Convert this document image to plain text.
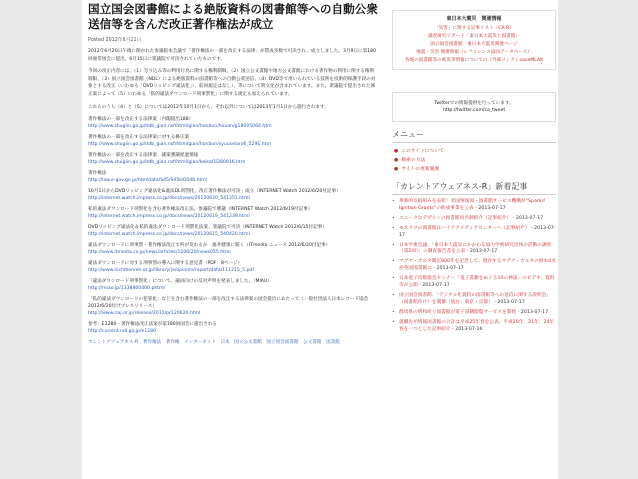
国立国会図書館による絶版資料の図書館等への自動公衆送信等を含んだ改正著作権法が成立
Posted 2012年6月21日

2012年6月20日午後に開かれた参議院本会議で「著作権法の一部を改正する法律」が賛成多数で可決され、成立しました。3月9日に第180回通常国会に提出、6月15日に衆議院で可決されていたものです。

今回の改正内容には、（1）写り込み等の利用行為に関する権利制限、（2）国立公文書館や地方公文書館における著作物の利用に関する権利制限、（3）国立国会図書館（NDL）による絶版資料の図書館等への自動公衆送信、（4）DVD等で用いられている技術を技術的保護手段の対象とする改正（いわゆる「DVDリッピング違法化」）、前回規定はなし）、等について明文化が含まれています。また、衆議院で提出された修正案によって（5）いわゆる「私的違法ダウンロード刑事罰化」に関する規定も加えられています。

これらのうち（4）と（5）については2012年10月1日から、それ以外については2013年1月1日から施行されます。

著作権法の一部を改正する法律案（内閣提出188）
http://www.shugiin.go.jp/itdb_gian.nsf/html/gian/honbun/houan/g18005064.htm
著作権法の一部を改正する法律案に対する修正案
http://www.shugiin.go.jp/itdb_gian.nsf/html/gian/honbun/syuuseian/6_529E.htm
著作権法の一部を改正する法律案：議案審議経過情報
http://www.shugiin.go.jp/itdb_gian.nsf/html/gian/keika/1DB0916.htm
著作権法
http://law.e-gov.go.jp/htmldata/S45/S45HO048.html
10月1日からDVDリッピング違法化&違法DL刑罰化、改正著作権法が可決・成立（INTERNET Watch 2012/6/20付記事）
http://internet.watch.impress.co.jp/docs/news/20120620_541251.html
私的違法ダウンロード刑罰化を含む著作権法改正法、参議院で審議（INTERNET Watch 2012/6/19付記事）
http://internet.watch.impress.co.jp/docs/news/20120619_541239.html
DVDリッピング違法化＆私的違法ダウンロード刑罰化法案、衆議院で可決（INTERNET Watch 2012/6/15付記事）
http://internet.watch.impress.co.jp/docs/news/20120615_540420.html
違法ダウンロードに刑事罰・著作権法改正で何が変わるか　福井健策に聞く（ITmedia ニュース 2012/6/20付記事）
http://www.itmedia.co.jp/news/articles/1206/20/news055.html
違法ダウンロードに対する刑事罰の導入に関する意見書（PDF：8ページ）
http://www.nichibenren.or.jp/library/ja/opinion/report/data/111215_5.pdf
「違法ダウンロード刑事罰化」について、議員向けの反対声明を発表しました。（MIAU）
http://miau.jp/1338800400.phtml
「私的違法ダウンロードの犯罪化」などを含む著作権法の一部を改正する法律案の国会提出にあたって（一般社団法人日本レコード協会 2012/6/20付けプレスリリース）
http://www.riaj.or.jp/release/2012/pr120620.html
参考：E1280 - 著作権法改正法案が第180回国会に提出される
http://current.ndl.go.jp/e1280
カレントアウェアネス-R　著作権法　著作権　インターネット　日本　国立公文書館　国立国会図書館　公文書館　図書館
東日本大震災　関連情報
「災害」に関する記事リスト（CA-R）
調査研究リポート「東日本大震災と図書館」
国立国会図書館　東日本大震災関連ページ
地震・災害 関連情報（レファレンス協同データベース）
各地の図書館等の被災等情報についての（外部リンク）saveMLAK
Twitterでの情報提供を行っています。
http://twitter.com/ca_tweet
メニュー
● このサイトについて
● 検索の方法
● サイトの更新履歴
「カレントアウェアネス-R」新着記事
• 革新的な取組みを表彰！米国情報図・図書館サービス機構が“Sparks! Ignition Grants”の助成事業を公表 - 2013-07-17
• ユニークなデザインの図書館員名刺紹介（記事紹介） - 2013-07-17
• モスクワの図書館はハイテクメディアセンターへ（記事紹介） - 2013-07-17
• 日本学術会議、「東日本大震災にかかわる協力学術研究団体の活動の調査（第2回）」の調査報告書を公表 - 2013-07-17
• マグナ・カルタ制定800年を記念して、現存するマグナ・カルタの原本4点が英国図書館に - 2013-07-17
• 日本電子出版協会セミナー「電子書籍をめぐる10の神話」のビデオ、資料等が公開 - 2013-07-17
• 国立国会図書館、「デジタル化資料の図書館等への送信に関する説明会」（図書館向け）を開催（仙台、東京・京都） - 2013-07-17
• 群馬県の明和町立図書館が電子書籍閲覧サービスを開始 - 2013-07-17
• 就職先が情報図書館の合計は平成25年春を公表。平成20年、21年、24年春を一つとした記事紹介 - 2013-07-16
